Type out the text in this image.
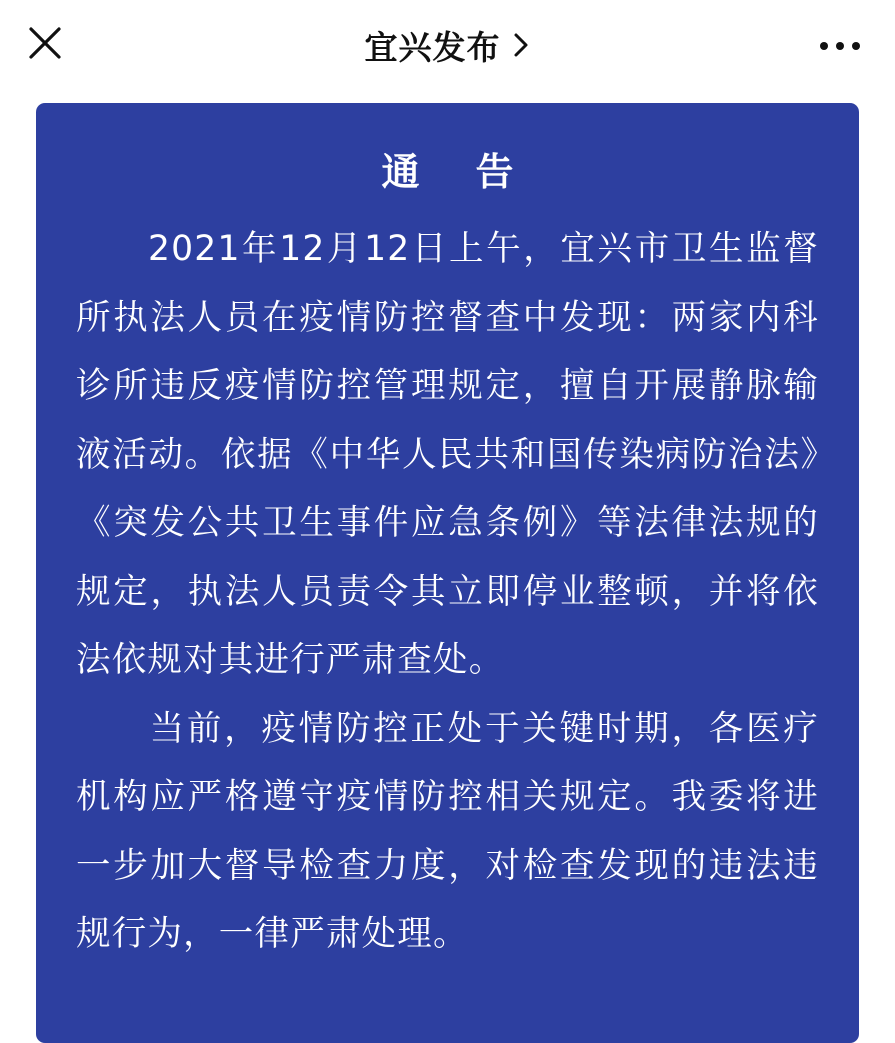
宜兴发布
通 告
2021年12月12日上午，宜兴市卫生监督所执法人员在疫情防控督查中发现：两家内科诊所违反疫情防控管理规定，擅自开展静脉输液活动。依据《中华人民共和国传染病防治法》《突发公共卫生事件应急条例》等法律法规的规定，执法人员责令其立即停业整顿，并将依法依规对其进行严肃查处。
当前，疫情防控正处于关键时期，各医疗机构应严格遵守疫情防控相关规定。我委将进一步加大督导检查力度，对检查发现的违法违规行为，一律严肃处理。
